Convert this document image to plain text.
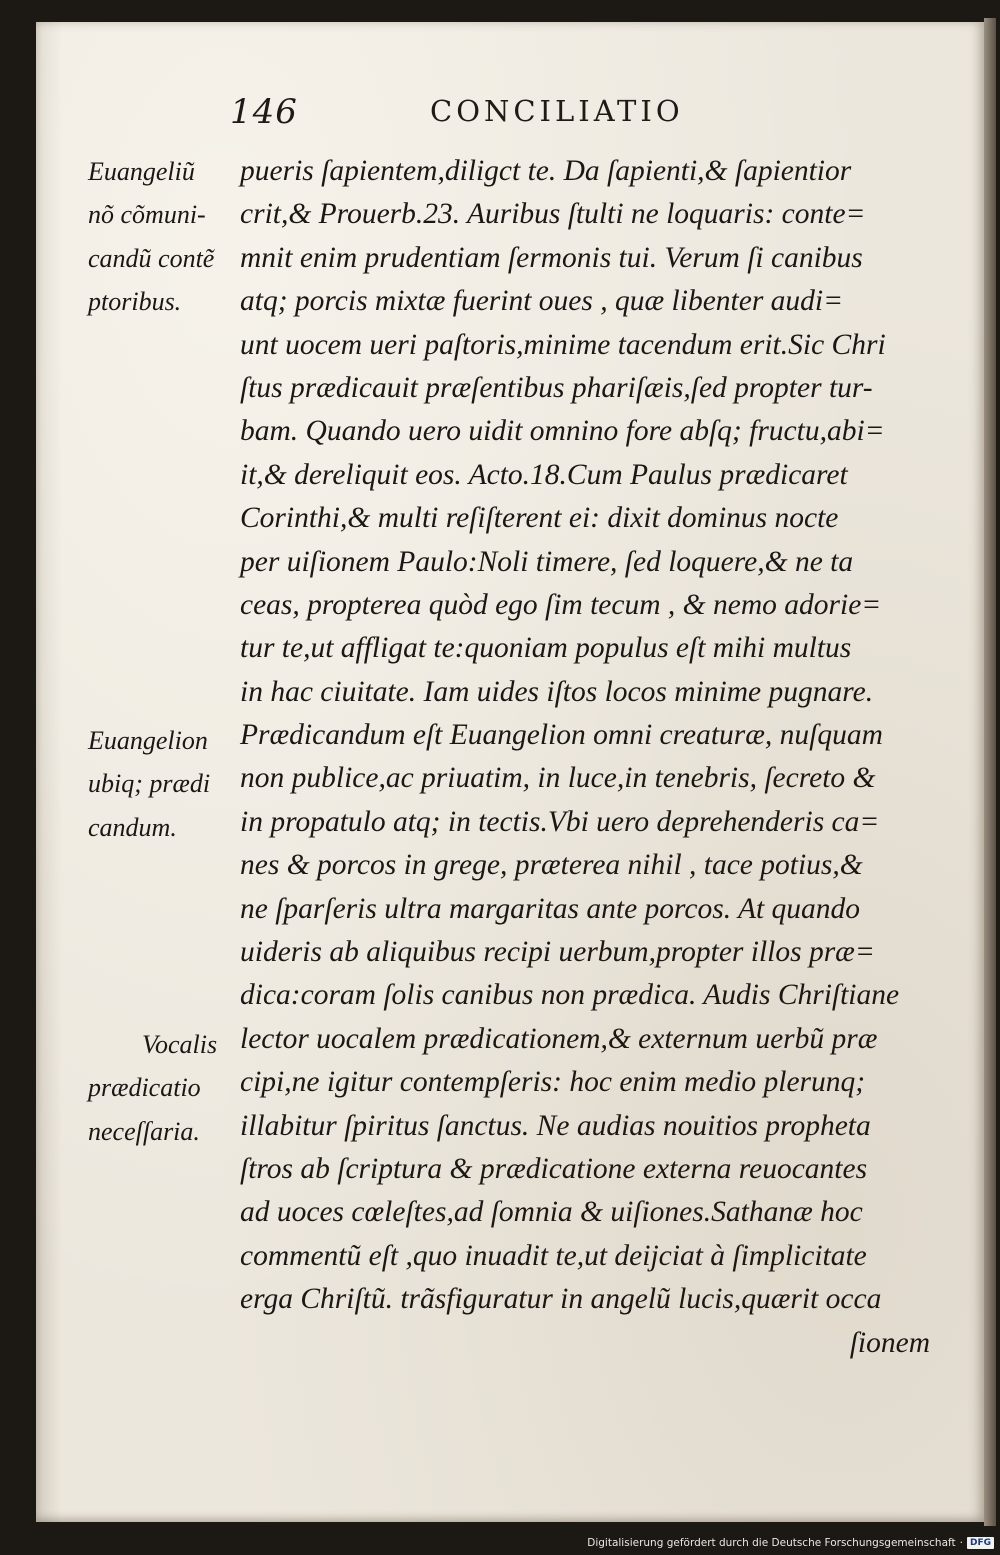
146	CONCILIATIO
Euangeliũ
nõ cõmuni-
candũ contẽ
ptoribus.
Euangelion
ubiq; prædi
candum.
Vocalis
prædicatio
neceſſaria.
pueris ſapientem,diligct te. Da ſapienti,& ſapientior
crit,& Prouerb.23. Auribus ſtulti ne loquaris: conte=
mnit enim prudentiam ſermonis tui. Verum ſi canibus
atq; porcis mixtæ fuerint oues , quæ libenter audi=
unt uocem ueri paſtoris,minime tacendum erit.Sic Chri
ſtus prædicauit præſentibus phariſæis,ſed propter tur-
bam. Quando uero uidit omnino fore abſq; fructu,abi=
it,& dereliquit eos. Acto.18.Cum Paulus prædicaret
Corinthi,& multi reſiſterent ei: dixit dominus nocte
per uiſionem Paulo:Noli timere, ſed loquere,& ne ta
ceas, propterea quòd ego ſim tecum , & nemo adorie=
tur te,ut affligat te:quoniam populus eſt mihi multus
in hac ciuitate. Iam uides iſtos locos minime pugnare.
Prædicandum eſt Euangelion omni creaturæ, nuſquam
non publice,ac priuatim, in luce,in tenebris, ſecreto &
in propatulo atq; in tectis.Vbi uero deprehenderis ca=
nes & porcos in grege, præterea nihil , tace potius,&
ne ſparſeris ultra margaritas ante porcos. At quando
uideris ab aliquibus recipi uerbum,propter illos præ=
dica:coram ſolis canibus non prædica. Audis Chriſtiane
lector uocalem prædicationem,& externum uerbũ præ
cipi,ne igitur contempſeris: hoc enim medio plerunq;
illabitur ſpiritus ſanctus. Ne audias nouitios propheta
ſtros ab ſcriptura & prædicatione externa reuocantes
ad uoces cœleſtes,ad ſomnia & uiſiones.Sathanæ hoc
commentũ eſt ,quo inuadit te,ut deijciat à ſimplicitate
erga Chriſtũ. trãsfiguratur in angelũ lucis,quærit occa
ſionem
Digitalisierung gefördert durch die Deutsche Forschungsgemeinschaft · DFG
